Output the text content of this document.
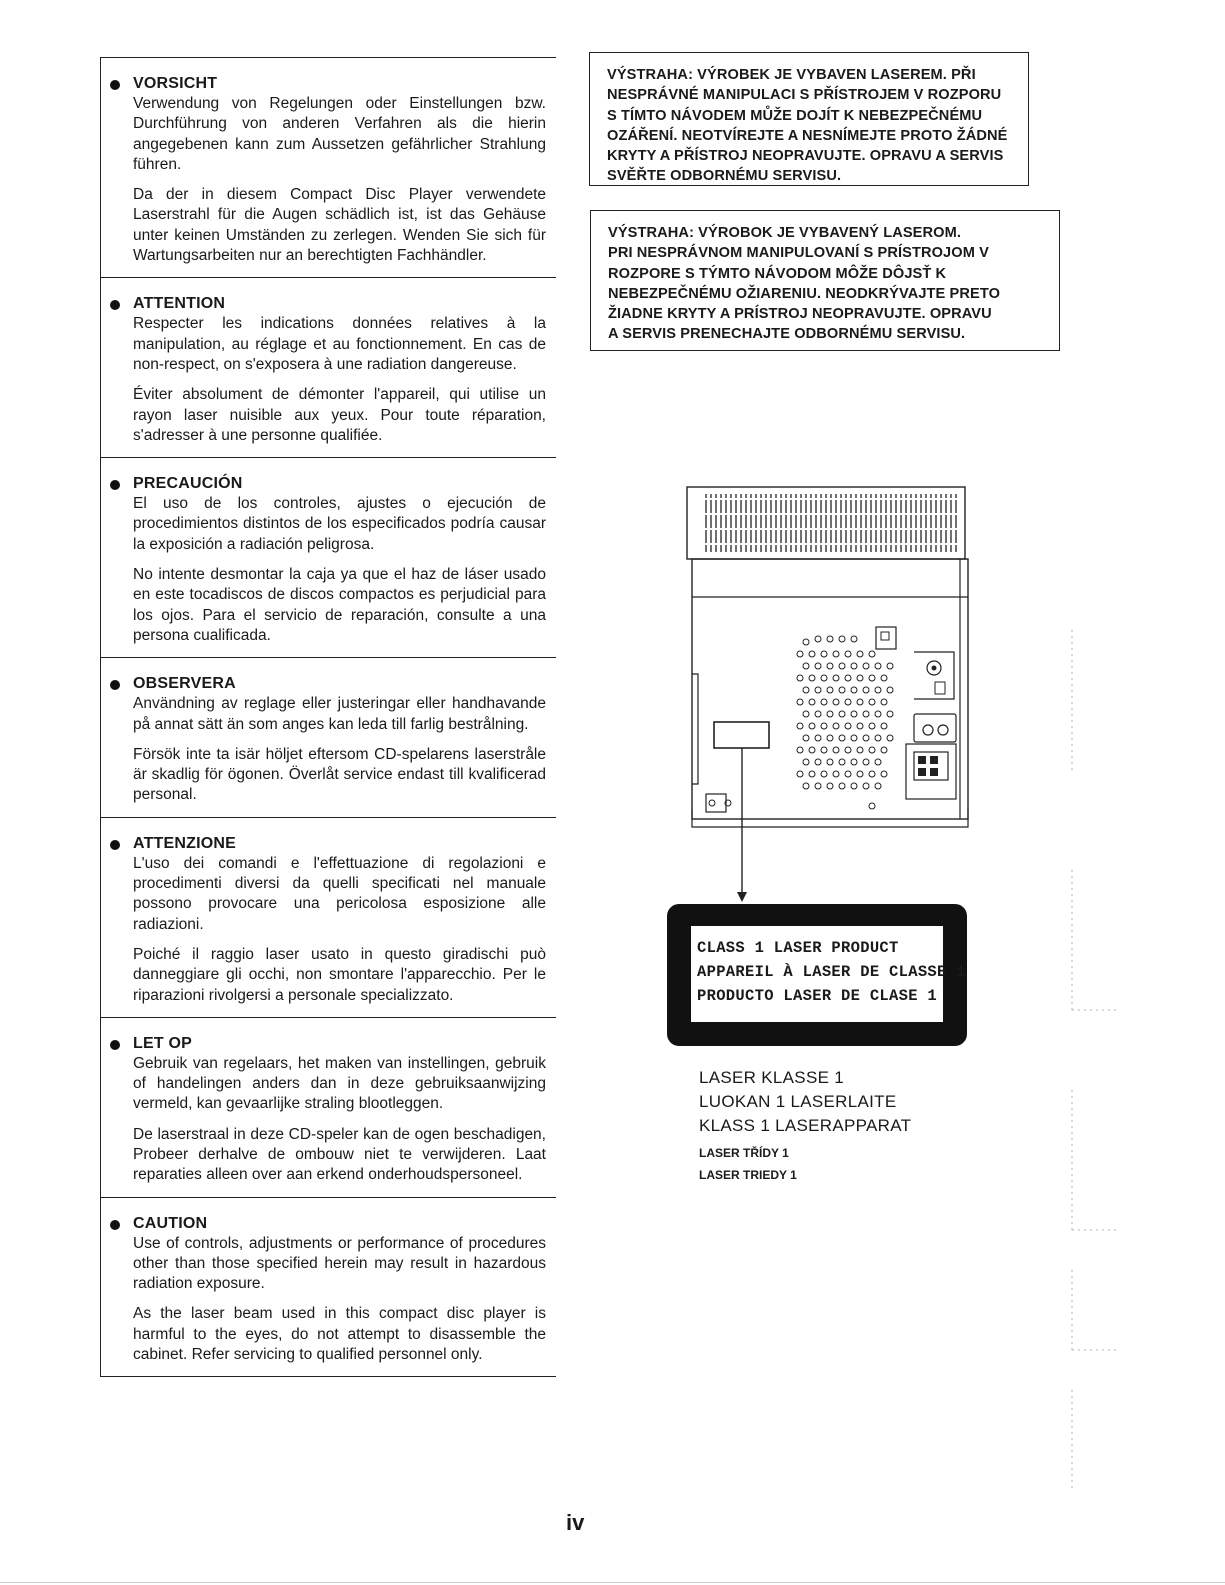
VORSICHT

Verwendung von Regelungen oder Einstellungen bzw. Durchführung von anderen Verfahren als die hierin angegebenen kann zum Aussetzen gefährlicher Strahlung führen.

Da der in diesem Compact Disc Player verwendete Laserstrahl für die Augen schädlich ist, ist das Gehäuse unter keinen Umständen zu zerlegen. Wenden Sie sich für Wartungsarbeiten nur an berechtigten Fachhändler.

ATTENTION

Respecter les indications données relatives à la manipulation, au réglage et au fonctionnement. En cas de non-respect, on s'exposera à une radiation dangereuse.

Éviter absolument de démonter l'appareil, qui utilise un rayon laser nuisible aux yeux. Pour toute réparation, s'adresser à une personne qualifiée.

PRECAUCIÓN

El uso de los controles, ajustes o ejecución de procedimientos distintos de los especificados podría causar la exposición a radiación peligrosa.

No intente desmontar la caja ya que el haz de láser usado en este tocadiscos de discos compactos es perjudicial para los ojos. Para el servicio de reparación, consulte a una persona cualificada.

OBSERVERA

Användning av reglage eller justeringar eller handhavande på annat sätt än som anges kan leda till farlig bestrålning.

Försök inte ta isär höljet eftersom CD-spelarens laserstråle är skadlig för ögonen. Överlåt service endast till kvalificerad personal.

ATTENZIONE

L'uso dei comandi e l'effettuazione di regolazioni e procedimenti diversi da quelli specificati nel manuale possono provocare una pericolosa esposizione alle radiazioni.

Poiché il raggio laser usato in questo giradischi può danneggiare gli occhi, non smontare l'apparecchio. Per le riparazioni rivolgersi a personale specializzato.

LET OP

Gebruik van regelaars, het maken van instellingen, gebruik of handelingen anders dan in deze gebruiksaanwijzing vermeld, kan gevaarlijke straling blootleggen.

De laserstraal in deze CD-speler kan de ogen beschadigen, Probeer derhalve de ombouw niet te verwijderen. Laat reparaties alleen over aan erkend onderhoudspersoneel.

CAUTION

Use of controls, adjustments or performance of procedures other than those specified herein may result in hazardous radiation exposure.

As the laser beam used in this compact disc player is harmful to the eyes, do not attempt to disassemble the cabinet. Refer servicing to qualified personnel only.

VÝSTRAHA: VÝROBEK JE VYBAVEN LASEREM. PŘI
NESPRÁVNÉ MANIPULACI S PŘÍSTROJEM V ROZPORU
S TÍMTO NÁVODEM MŮŽE DOJÍT K NEBEZPEČNÉMU
OZÁŘENÍ. NEOTVÍREJTE A NESNÍMEJTE PROTO ŽÁDNÉ
KRYTY A PŘÍSTROJ NEOPRAVUJTE. OPRAVU A SERVIS
SVĚŘTE ODBORNÉMU SERVISU.
VÝSTRAHA: VÝROBOK JE VYBAVENÝ LASEROM.
PRI NESPRÁVNOM MANIPULOVANÍ S PRÍSTROJOM V
ROZPORE S TÝMTO NÁVODOM MÔŽE DÔJSŤ K
NEBEZPEČNÉMU OŽIARENIU. NEODKRÝVAJTE PRETO
ŽIADNE KRYTY A PRÍSTROJ NEOPRAVUJTE. OPRAVU
A SERVIS PRENECHAJTE ODBORNÉMU SERVISU.
CLASS 1 LASER PRODUCT
APPAREIL À LASER DE CLASSE 1
PRODUCTO LASER DE CLASE 1
LASER KLASSE 1
LUOKAN 1 LASERLAITE
KLASS 1 LASERAPPARAT
LASER TŘÍDY 1
LASER TRIEDY 1
iv
